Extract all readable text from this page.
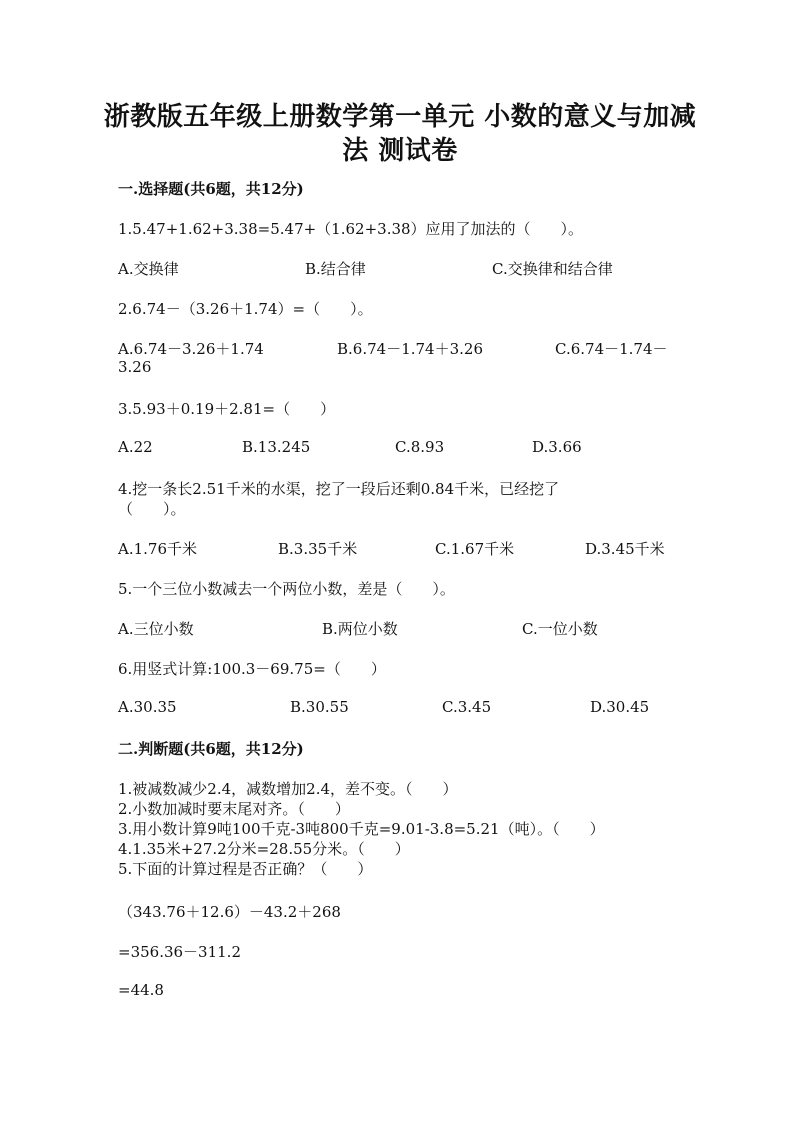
浙教版五年级上册数学第一单元 小数的意义与加减
法 测试卷
一.选择题(共6题，共12分)
1.5.47+1.62+3.38=5.47+（1.62+3.38）应用了加法的（　　）。
A.交换律	B.结合律	C.交换律和结合律
2.6.74－（3.26＋1.74）=（　　）。
A.6.74－3.26＋1.74	B.6.74－1.74＋3.26	C.6.74－1.74－
3.26
3.5.93＋0.19＋2.81=（　　）
A.22	B.13.245	C.8.93	D.3.66
4.挖一条长2.51千米的水渠，挖了一段后还剩0.84千米，已经挖了
（　　）。
A.1.76千米	B.3.35千米	C.1.67千米	D.3.45千米
5.一个三位小数减去一个两位小数，差是（　　）。
A.三位小数	B.两位小数	C.一位小数
6.用竖式计算:100.3－69.75=（　　）
A.30.35	B.30.55	C.3.45	D.30.45
二.判断题(共6题，共12分)
1.被减数减少2.4，减数增加2.4，差不变。（　　）
2.小数加减时要末尾对齐。（　　）
3.用小数计算9吨100千克-3吨800千克=9.01-3.8=5.21（吨）。（　　）
4.1.35米+27.2分米=28.55分米。（　　）
5.下面的计算过程是否正确？（　　）
（343.76＋12.6）－43.2＋268
=356.36－311.2
=44.8
